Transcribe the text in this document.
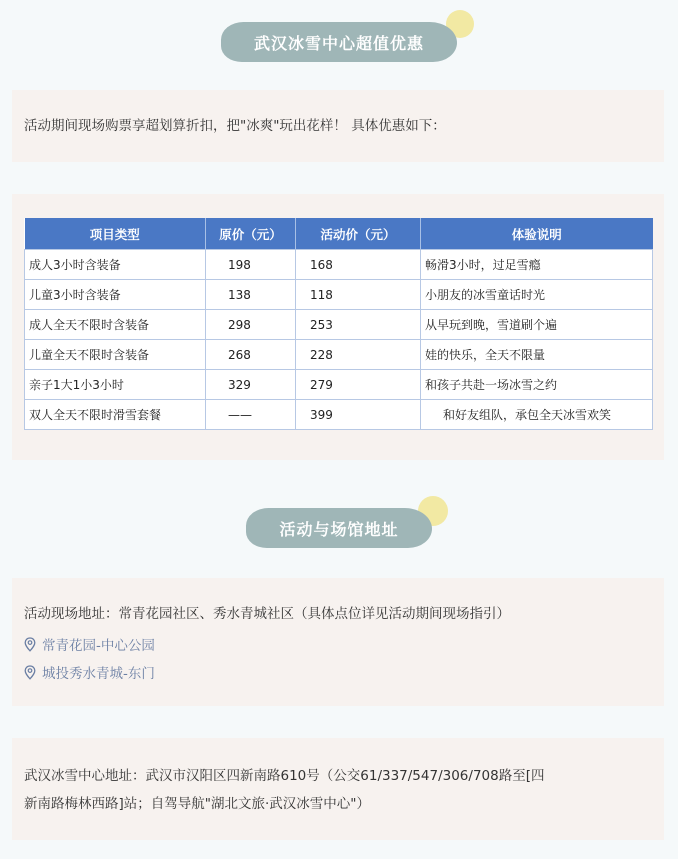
武汉冰雪中心超值优惠
活动期间现场购票享超划算折扣，把"冰爽"玩出花样！ 具体优惠如下：
项目类型	原价（元）	活动价（元）	体验说明
成人3小时含装备	198	168	畅滑3小时，过足雪瘾
儿童3小时含装备	138	118	小朋友的冰雪童话时光
成人全天不限时含装备	298	253	从早玩到晚，雪道刷个遍
儿童全天不限时含装备	268	228	娃的快乐，全天不限量
亲子1大1小3小时	329	279	和孩子共赴一场冰雪之约
双人全天不限时滑雪套餐	——	399	和好友组队，承包全天冰雪欢笑
活动与场馆地址
活动现场地址：常青花园社区、秀水青城社区（具体点位详见活动期间现场指引）
常青花园-中心公园
城投秀水青城-东门
武汉冰雪中心地址：武汉市汉阳区四新南路610号（公交61/337/547/306/708路至[四
新南路梅林西路]站；自驾导航"湖北文旅·武汉冰雪中心"）
